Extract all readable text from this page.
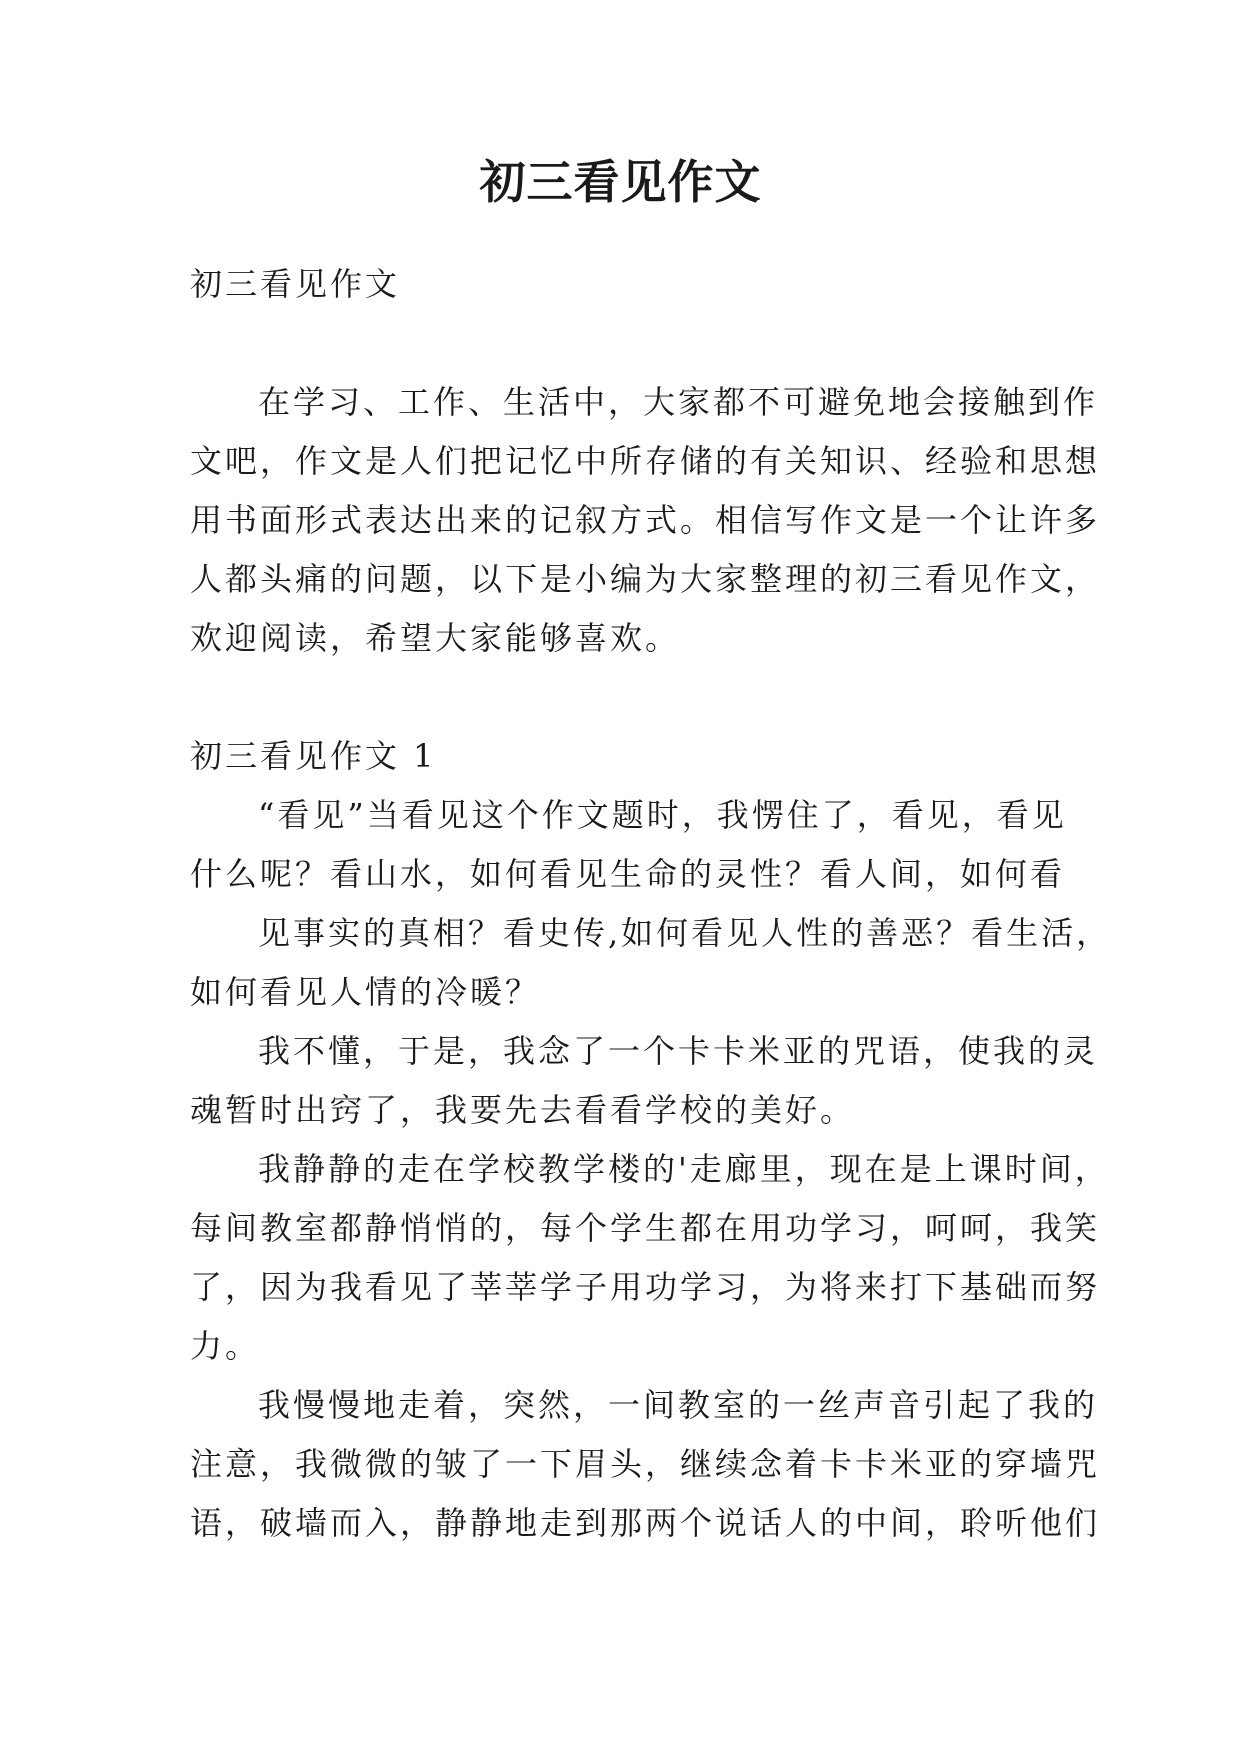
初三看见作文
初三看见作文
在学习、工作、生活中，大家都不可避免地会接触到作
文吧，作文是人们把记忆中所存储的有关知识、经验和思想
用书面形式表达出来的记叙方式。相信写作文是一个让许多
人都头痛的问题，以下是小编为大家整理的初三看见作文，
欢迎阅读，希望大家能够喜欢。
初三看见作文 1
“看见”当看见这个作文题时，我愣住了，看见，看见
什么呢？看山水，如何看见生命的灵性？看人间，如何看
见事实的真相？看史传,如何看见人性的善恶？看生活，
如何看见人情的冷暖？
我不懂，于是，我念了一个卡卡米亚的咒语，使我的灵
魂暂时出窍了，我要先去看看学校的美好。
我静静的走在学校教学楼的'走廊里，现在是上课时间，
每间教室都静悄悄的，每个学生都在用功学习，呵呵，我笑
了，因为我看见了莘莘学子用功学习，为将来打下基础而努
力。
我慢慢地走着，突然，一间教室的一丝声音引起了我的
注意，我微微的皱了一下眉头，继续念着卡卡米亚的穿墙咒
语，破墙而入，静静地走到那两个说话人的中间，聆听他们
